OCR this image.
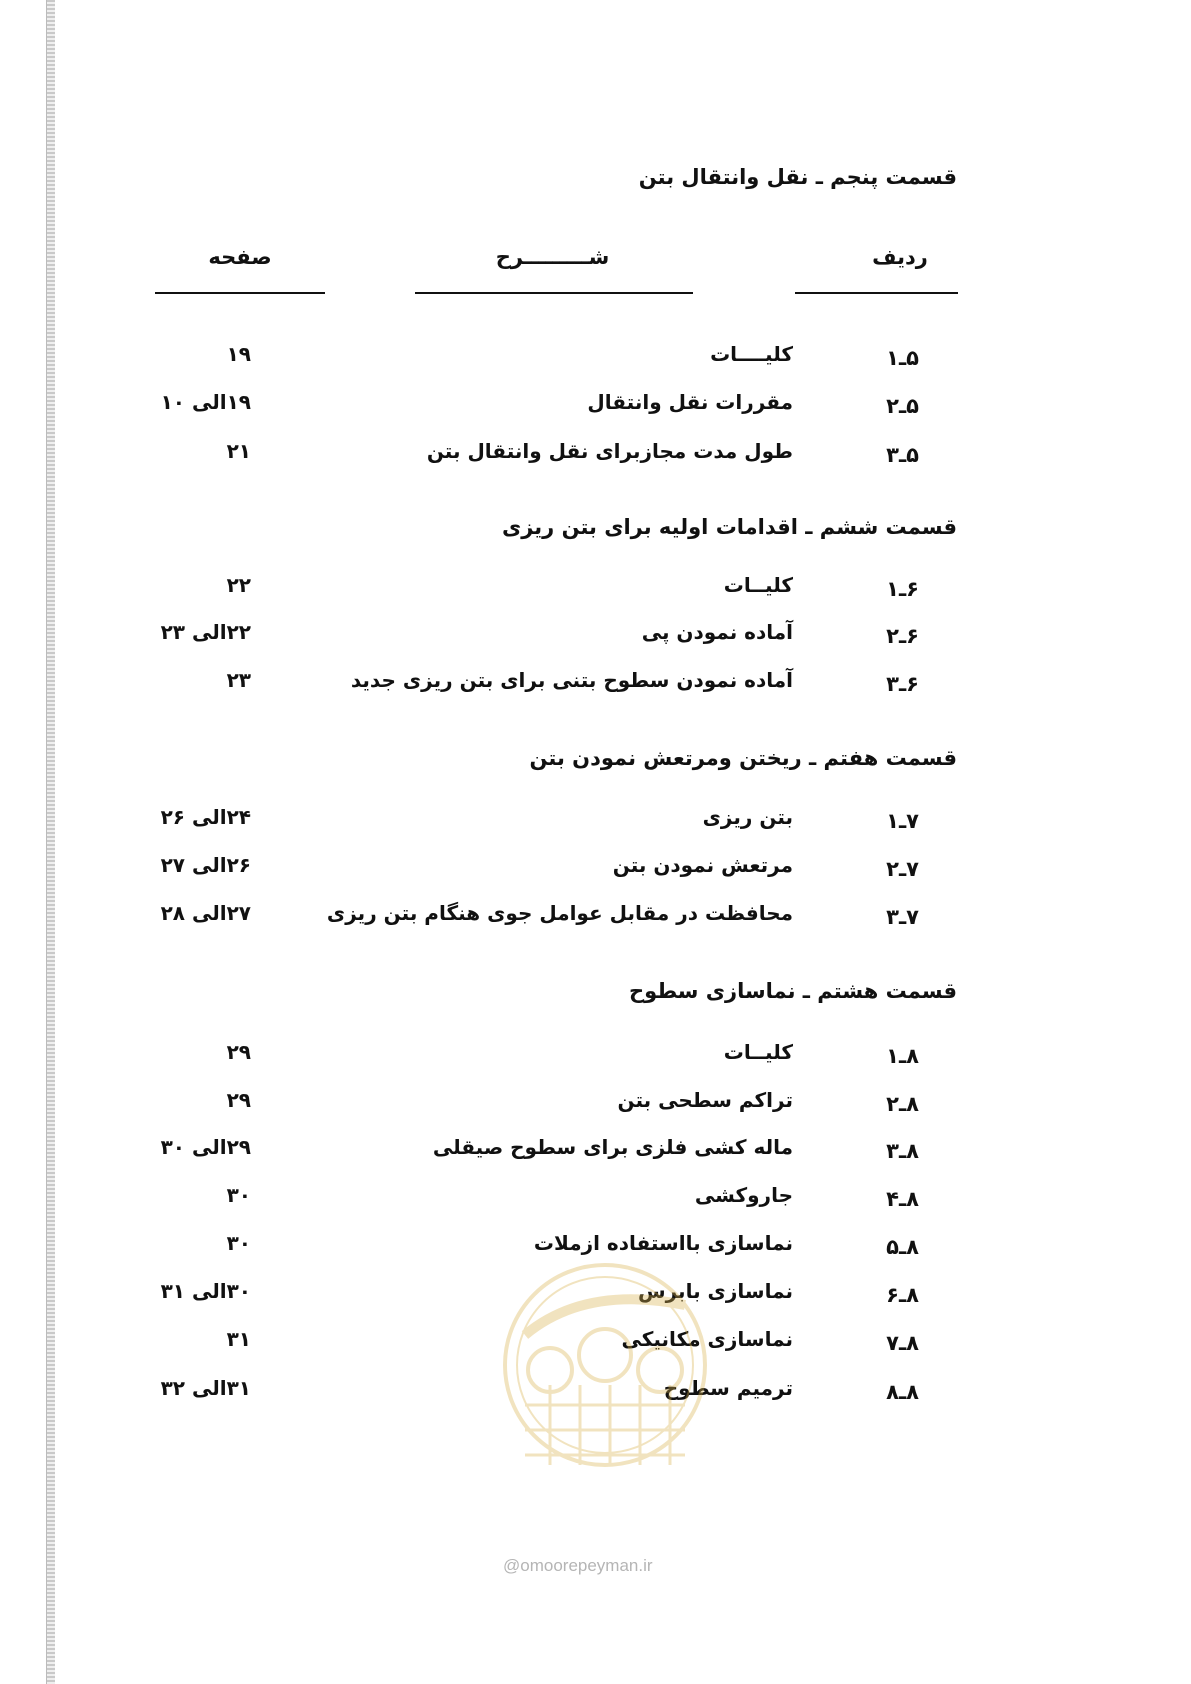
قسمت پنجم ـ نقل وانتقال بتن
ردیف
شـــــــــرح
صفحه
۵ـ۱
کلیــــات
۱۹
۵ـ۲
مقررات نقل وانتقال
۱۹الی ۱۰
۵ـ۳
طول مدت مجازبرای نقل وانتقال بتن
۲۱
قسمت ششم ـ اقدامات اولیه برای بتن ریزی
۶ـ۱
کلیــات
۲۲
۶ـ۲
آماده نمودن پی
۲۲الی ۲۳
۶ـ۳
آماده نمودن سطوح بتنی برای بتن ریزی جدید
۲۳
قسمت هفتم ـ ریختن ومرتعش نمودن بتن
۷ـ۱
بتن ریزی
۲۴الی ۲۶
۷ـ۲
مرتعش نمودن بتن
۲۶الی ۲۷
۷ـ۳
محافظت در مقابل عوامل جوی هنگام بتن ریزی
۲۷الی ۲۸
قسمت هشتم ـ نماسازی سطوح
۸ـ۱
کلیــات
۲۹
۸ـ۲
تراکم سطحی بتن
۲۹
۸ـ۳
ماله کشی فلزی برای سطوح صیقلی
۲۹الی ۳۰
۸ـ۴
جاروکشی
۳۰
۸ـ۵
نماسازی بااستفاده ازملات
۳۰
۸ـ۶
نماسازی بابرس
۳۰الی ۳۱
۸ـ۷
نماسازی مکانیکی
۳۱
۸ـ۸
ترمیم سطوح
۳۱الی ۳۲
@omoorepeyman.ir
